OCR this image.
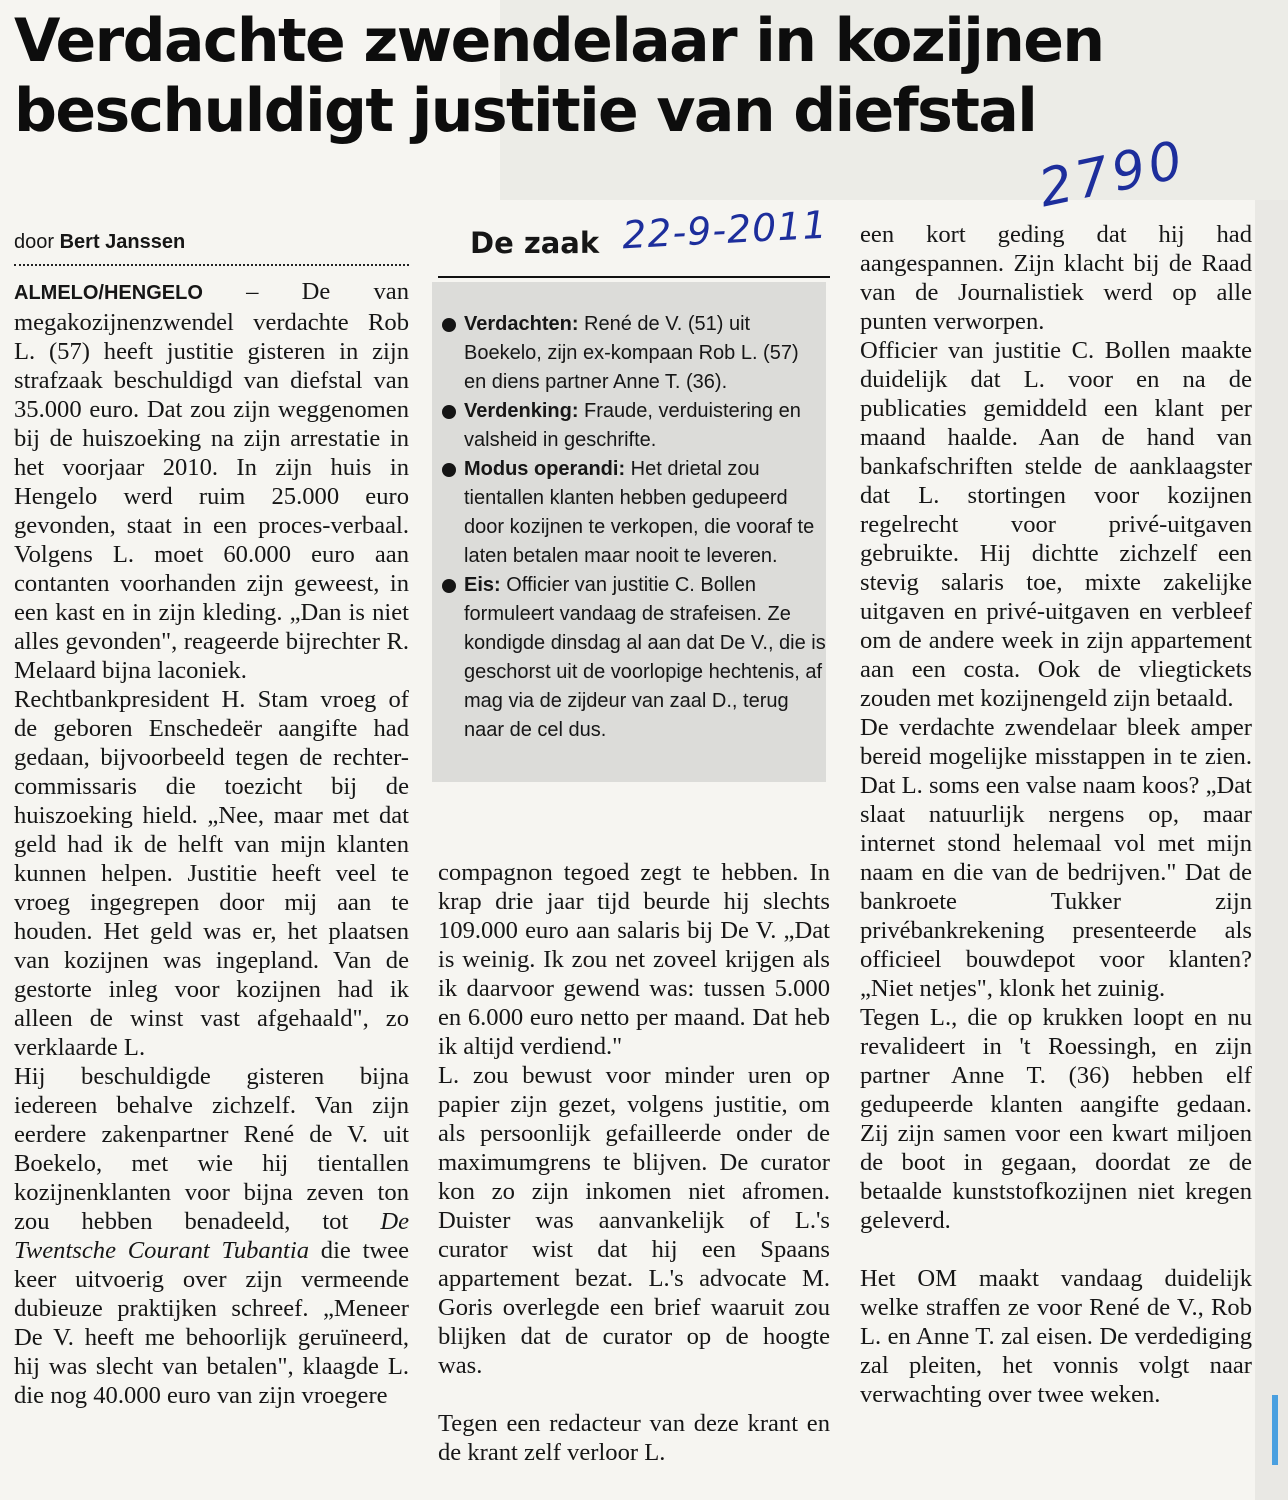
Verdachte zwendelaar in kozijnen
beschuldigt justitie van diefstal
2790
22-9-2011
door Bert Janssen

ALMELO/HENGELO – De van megakozijnenzwendel verdachte Rob L. (57) heeft justitie gisteren in zijn strafzaak beschuldigd van diefstal van 35.000 euro. Dat zou zijn weggenomen bij de huiszoeking na zijn arrestatie in het voorjaar 2010. In zijn huis in Hengelo werd ruim 25.000 euro gevonden, staat in een proces-verbaal. Volgens L. moet 60.000 euro aan contanten voorhanden zijn geweest, in een kast en in zijn kleding. „Dan is niet alles gevonden", reageerde bijrechter R. Melaard bijna laconiek.

Rechtbankpresident H. Stam vroeg of de geboren Enschedeër aangifte had gedaan, bijvoorbeeld tegen de rechter-commissaris die toezicht bij de huiszoeking hield. „Nee, maar met dat geld had ik de helft van mijn klanten kunnen helpen. Justitie heeft veel te vroeg ingegrepen door mij aan te houden. Het geld was er, het plaatsen van kozijnen was ingepland. Van de gestorte inleg voor kozijnen had ik alleen de winst vast afgehaald", zo verklaarde L.

Hij beschuldigde gisteren bijna iedereen behalve zichzelf. Van zijn eerdere zakenpartner René de V. uit Boekelo, met wie hij tientallen kozijnenklanten voor bijna zeven ton zou hebben benadeeld, tot De Twentsche Courant Tubantia die twee keer uitvoerig over zijn vermeende dubieuze praktijken schreef. „Meneer De V. heeft me behoorlijk geruïneerd, hij was slecht van betalen", klaagde L. die nog 40.000 euro van zijn vroegere

De zaak
Verdachten: René de V. (51) uit Boekelo, zijn ex-kompaan Rob L. (57) en diens partner Anne T. (36).
Verdenking: Fraude, verduistering en valsheid in geschrifte.
Modus operandi: Het drietal zou tientallen klanten hebben gedupeerd door kozijnen te verkopen, die vooraf te laten betalen maar nooit te leveren.
Eis: Officier van justitie C. Bollen formuleert vandaag de strafeisen. Ze kondigde dinsdag al aan dat De V., die is geschorst uit de voorlopige hechtenis, af mag via de zijdeur van zaal D., terug naar de cel dus.

compagnon tegoed zegt te hebben. In krap drie jaar tijd beurde hij slechts 109.000 euro aan salaris bij De V. „Dat is weinig. Ik zou net zoveel krijgen als ik daarvoor gewend was: tussen 5.000 en 6.000 euro netto per maand. Dat heb ik altijd verdiend."

L. zou bewust voor minder uren op papier zijn gezet, volgens justitie, om als persoonlijk gefailleerde onder de maximumgrens te blijven. De curator kon zo zijn inkomen niet afromen. Duister was aanvankelijk of L.'s curator wist dat hij een Spaans appartement bezat. L.'s advocate M. Goris overlegde een brief waaruit zou blijken dat de curator op de hoogte was.

Tegen een redacteur van deze krant en de krant zelf verloor L.

een kort geding dat hij had aangespannen. Zijn klacht bij de Raad van de Journalistiek werd op alle punten verworpen.

Officier van justitie C. Bollen maakte duidelijk dat L. voor en na de publicaties gemiddeld een klant per maand haalde. Aan de hand van bankafschriften stelde de aanklaagster dat L. stortingen voor kozijnen regelrecht voor privé-uitgaven gebruikte. Hij dichtte zichzelf een stevig salaris toe, mixte zakelijke uitgaven en privé-uitgaven en verbleef om de andere week in zijn appartement aan een costa. Ook de vliegtickets zouden met kozijnengeld zijn betaald.

De verdachte zwendelaar bleek amper bereid mogelijke misstappen in te zien. Dat L. soms een valse naam koos? „Dat slaat natuurlijk nergens op, maar internet stond helemaal vol met mijn naam en die van de bedrijven." Dat de bankroete Tukker zijn privébankrekening presenteerde als officieel bouwdepot voor klanten? „Niet netjes", klonk het zuinig.

Tegen L., die op krukken loopt en nu revalideert in 't Roessingh, en zijn partner Anne T. (36) hebben elf gedupeerde klanten aangifte gedaan. Zij zijn samen voor een kwart miljoen de boot in gegaan, doordat ze de betaalde kunststofkozijnen niet kregen geleverd.

Het OM maakt vandaag duidelijk welke straffen ze voor René de V., Rob L. en Anne T. zal eisen. De verdediging zal pleiten, het vonnis volgt naar verwachting over twee weken.
